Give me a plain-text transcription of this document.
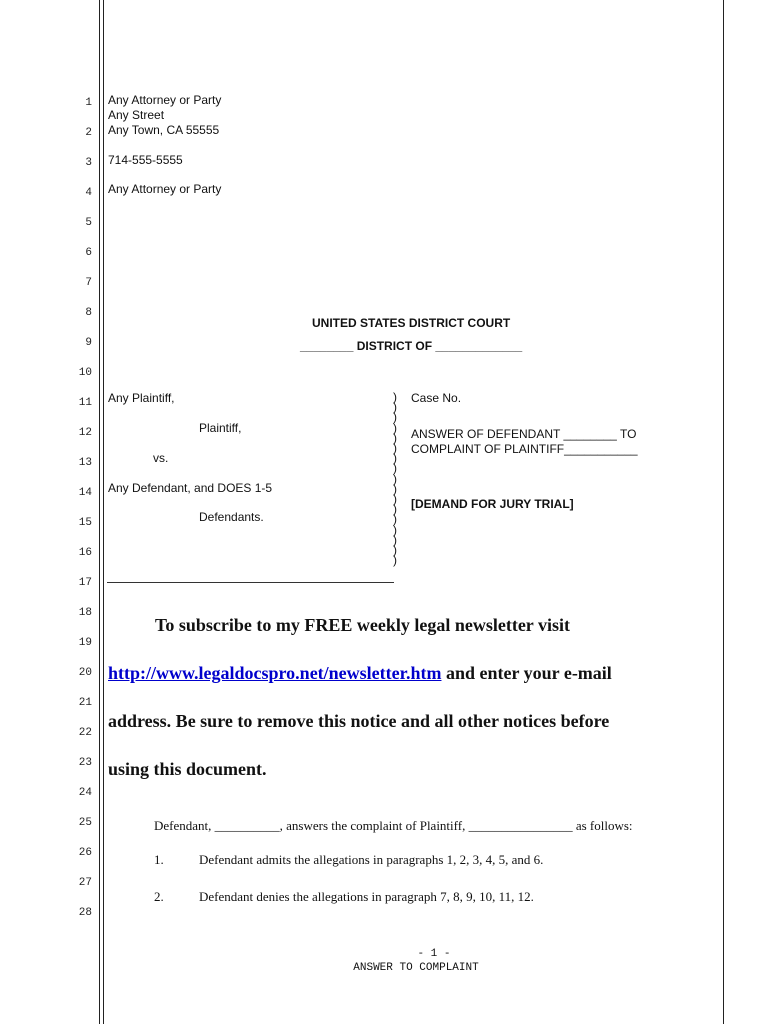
1
2
3
4
5
6
7
8
9
10
11
12
13
14
15
16
17
18
19
20
21
22
23
24
25
26
27
28
Any Attorney or Party
Any Street
Any Town, CA 55555
714-555-5555
Any Attorney or Party
UNITED STATES DISTRICT COURT
________ DISTRICT OF _____________
Any Plaintiff,
Plaintiff,
vs.
Any Defendant, and DOES 1-5
Defendants.
)
)
)
)
)
)
)
)
)
)
)
)
)
)
)
)
)
Case No.
ANSWER OF DEFENDANT ________ TO
COMPLAINT OF PLAINTIFF___________
[DEMAND FOR JURY TRIAL]
To subscribe to my FREE weekly legal newsletter visit
http://www.legaldocspro.net/newsletter.htm and enter your e-mail
address. Be sure to remove this notice and all other notices before
using this document.
Defendant, __________, answers the complaint of Plaintiff, ________________ as follows:
1.	Defendant admits the allegations in paragraphs 1, 2, 3, 4, 5, and 6.
2.	Defendant denies the allegations in paragraph 7, 8, 9, 10, 11, 12.
- 1 -
ANSWER TO COMPLAINT
